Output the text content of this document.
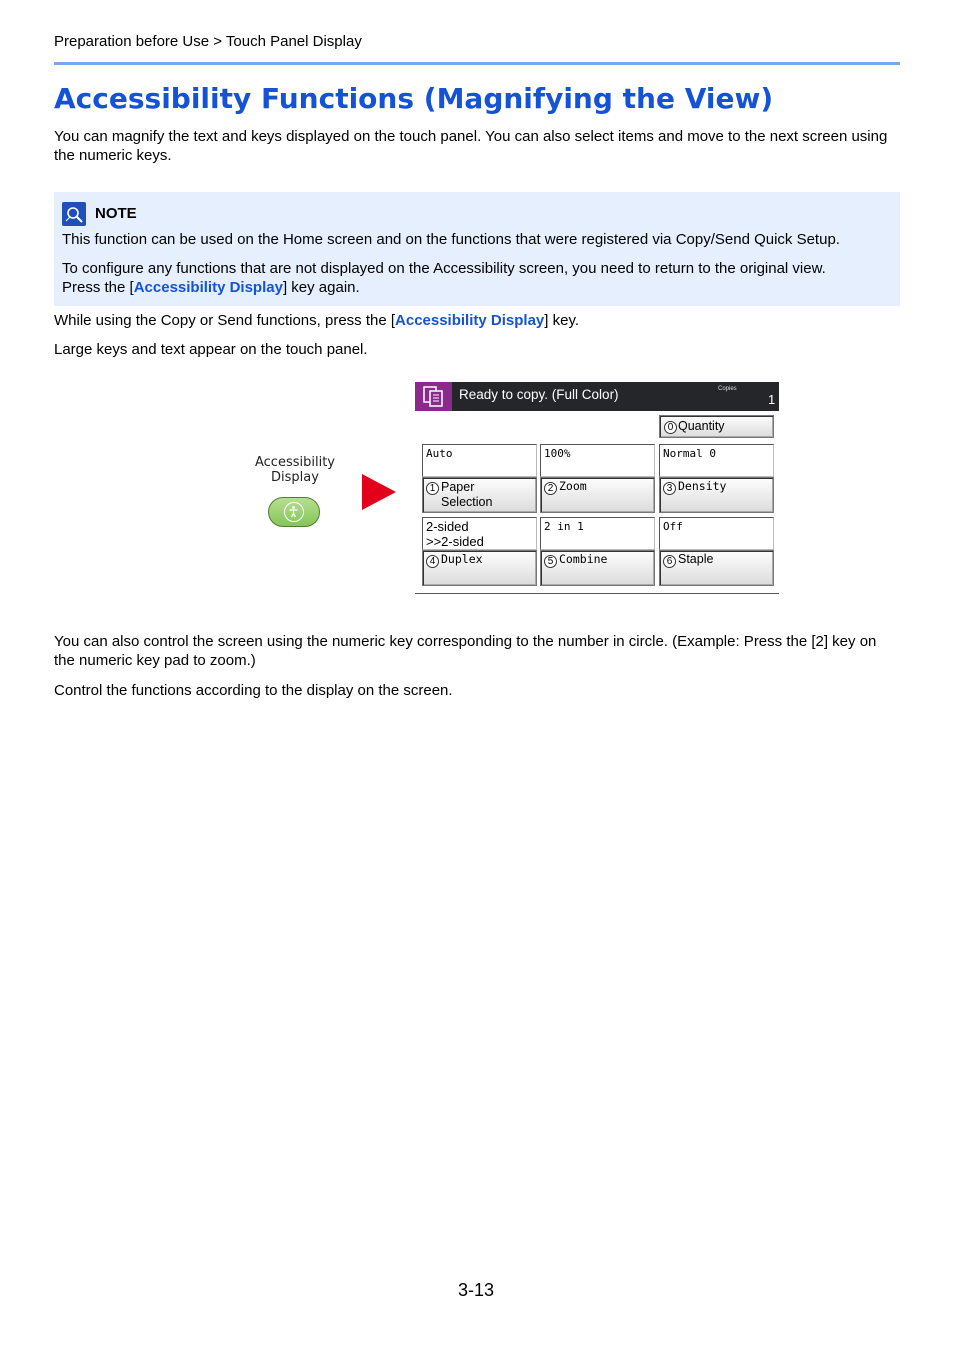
Preparation before Use > Touch Panel Display
Accessibility Functions (Magnifying the View)

You can magnify the text and keys displayed on the touch panel. You can also select items and move to the next screen using the numeric keys.

NOTE

This function can be used on the Home screen and on the functions that were registered via Copy/Send Quick Setup.

To configure any functions that are not displayed on the Accessibility screen, you need to return to the original view.
Press the [Accessibility Display] key again.

While using the Copy or Send functions, press the [Accessibility Display] key.

Large keys and text appear on the touch panel.

Accessibility
Display
Ready to copy. (Full Color)	Copies
1
0 Quantity
Auto
1 Paper
Selection
100%
2 Zoom
Normal 0
3 Density
2-sided
>>2-sided
4 Duplex
2 in 1
5 Combine
Off
6 Staple

You can also control the screen using the numeric key corresponding to the number in circle. (Example: Press the [2] key on the numeric key pad to zoom.)

Control the functions according to the display on the screen.

3-13
